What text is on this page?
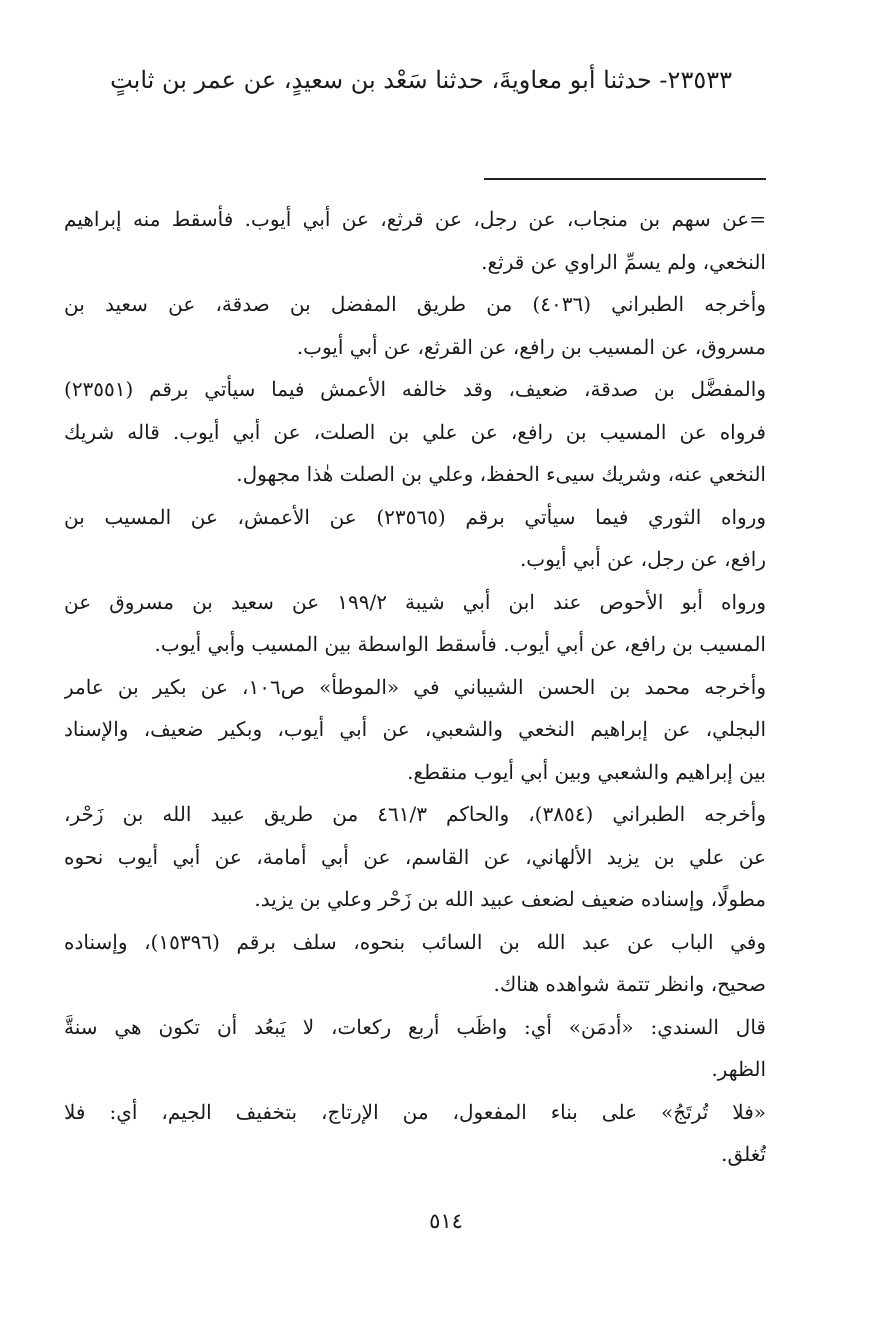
٢٣٥٣٣- حدثنا أبو معاويةَ، حدثنا سَعْد بن سعيدٍ، عن عمر بن ثابتٍ
=عن سهم بن منجاب، عن رجل، عن قرثع، عن أبي أيوب. فأسقط منه إبراهيم
النخعي، ولم يسمِّ الراوي عن قرثع.
وأخرجه الطبراني (٤٠٣٦) من طريق المفضل بن صدقة، عن سعيد بن
مسروق، عن المسيب بن رافع، عن القرثع، عن أبي أيوب.
والمفضَّل بن صدقة، ضعيف، وقد خالفه الأعمش فيما سيأتي برقم (٢٣٥٥١)
فرواه عن المسيب بن رافع، عن علي بن الصلت، عن أبي أيوب. قاله شريك
النخعي عنه، وشريك سيىء الحفظ، وعلي بن الصلت هٰذا مجهول.
ورواه الثوري فيما سيأتي برقم (٢٣٥٦٥) عن الأعمش، عن المسيب بن
رافع، عن رجل، عن أبي أيوب.
ورواه أبو الأحوص عند ابن أبي شيبة ٢/‏١٩٩ عن سعيد بن مسروق عن
المسيب بن رافع، عن أبي أيوب. فأسقط الواسطة بين المسيب وأبي أيوب.
وأخرجه محمد بن الحسن الشيباني في «الموطأ» ص١٠٦، عن بكير بن عامر
البجلي، عن إبراهيم النخعي والشعبي، عن أبي أيوب، وبكير ضعيف، والإسناد
بين إبراهيم والشعبي وبين أبي أيوب منقطع.
وأخرجه الطبراني (٣٨٥٤)، والحاكم ٣/‏٤٦١ من طريق عبيد الله بن زَحْر،
عن علي بن يزيد الألهاني، عن القاسم، عن أبي أمامة، عن أبي أيوب نحوه
مطولًا، وإسناده ضعيف لضعف عبيد الله بن زَحْر وعلي بن يزيد.
وفي الباب عن عبد الله بن السائب بنحوه، سلف برقم (١٥٣٩٦)، وإسناده
صحيح، وانظر تتمة شواهده هناك.
قال السندي: «أدمَن» أي: واظَب أربع ركعات، لا يَبعُد أن تكون هي سنةَّ
الظهر.
«فلا تُرتَجُ» على بناء المفعول، من الإرتاج، بتخفيف الجيم، أي: فلا
تُغلق.
٥١٤
